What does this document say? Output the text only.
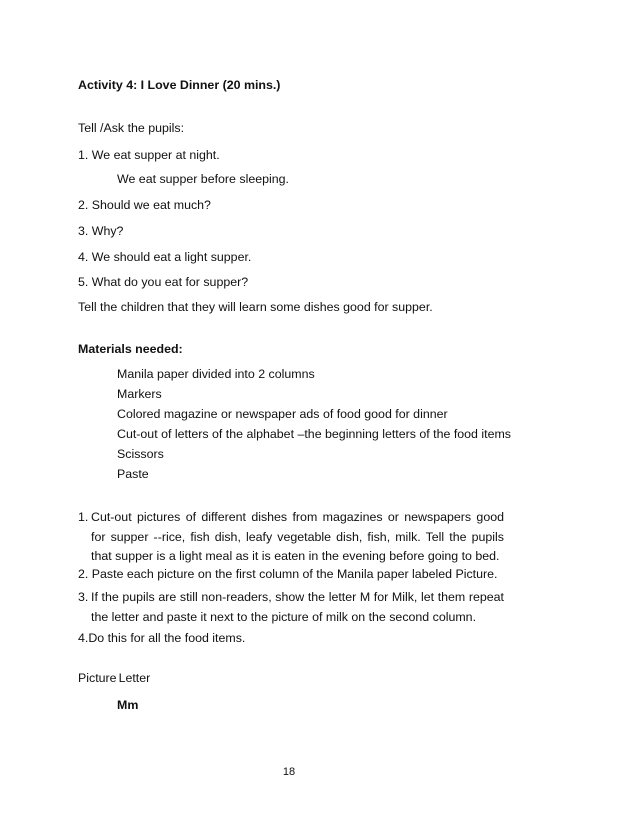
Activity 4: I Love Dinner (20 mins.)
Tell /Ask the pupils:
1. We eat supper at night.
We eat supper before sleeping.
2. Should we eat much?
3. Why?
4. We should eat a light supper.
5. What do you eat for supper?
Tell the children that they will learn some dishes good for supper.
Materials needed:
Manila paper divided into 2 columns
Markers
Colored magazine or newspaper ads of food good for dinner
Cut-out of letters of the alphabet –the beginning letters of the food items
Scissors
Paste
1. Cut-out pictures of different dishes from magazines or newspapers good for supper --rice, fish dish, leafy vegetable dish, fish, milk. Tell the pupils that supper is a light meal as it is eaten in the evening before going to bed.
2. Paste each picture on the first column of the Manila paper labeled Picture.
3. If the pupils are still non-readers, show the letter M for Milk, let them repeat the letter and paste it next to the picture of milk on the second column.
4.Do this for all the food items.
Picture Letter
Mm
18
